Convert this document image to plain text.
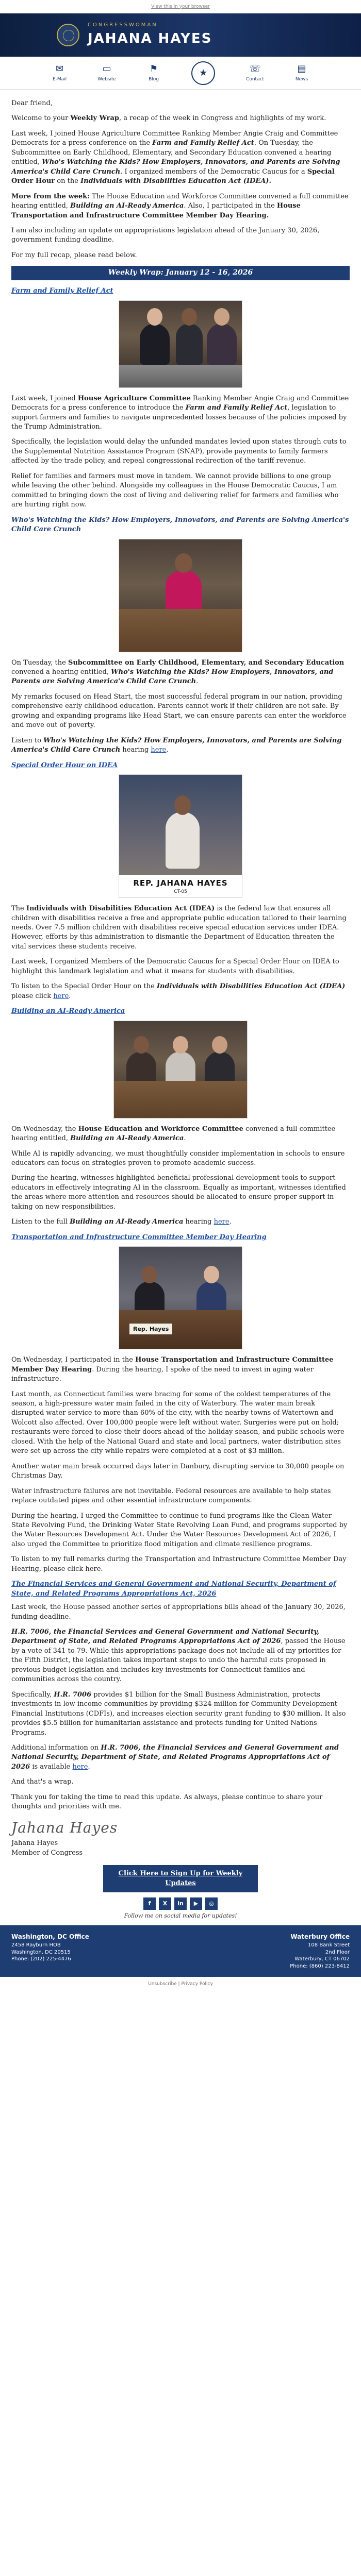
View this in your browser
CONGRESSWOMAN
JAHANA HAYES
✉
E-Mail
▭
Website
⚑
Blog
★	☏
Contact
▤
News

Dear friend,

Welcome to your Weekly Wrap, a recap of the week in Congress and highlights of my work.

Last week, I joined House Agriculture Committee Ranking Member Angie Craig and Committee Democrats for a press conference on the Farm and Family Relief Act. On Tuesday, the Subcommittee on Early Childhood, Elementary, and Secondary Education convened a hearing entitled, Who's Watching the Kids? How Employers, Innovators, and Parents are Solving America's Child Care Crunch. I organized members of the Democratic Caucus for a Special Order Hour on the Individuals with Disabilities Education Act (IDEA).

More from the week: The House Education and Workforce Committee convened a full committee hearing entitled, Building an AI-Ready America. Also, I participated in the House Transportation and Infrastructure Committee Member Day Hearing.

I am also including an update on appropriations legislation ahead of the January 30, 2026, government funding deadline.

For my full recap, please read below.

Weekly Wrap: January 12 - 16, 2026
Farm and Family Relief Act

Last week, I joined House Agriculture Committee Ranking Member Angie Craig and Committee Democrats for a press conference to introduce the Farm and Family Relief Act, legislation to support farmers and families to navigate unprecedented losses because of the policies imposed by the Trump Administration.

Specifically, the legislation would delay the unfunded mandates levied upon states through cuts to the Supplemental Nutrition Assistance Program (SNAP), provide payments to family farmers affected by the trade policy, and repeal congressional redirection of the tariff revenue.

Relief for families and farmers must move in tandem. We cannot provide billions to one group while leaving the other behind. Alongside my colleagues in the House Democratic Caucus, I am committed to bringing down the cost of living and delivering relief for farmers and families who are hurting right now.

Who's Watching the Kids? How Employers, Innovators, and Parents are Solving America's Child Care Crunch

On Tuesday, the Subcommittee on Early Childhood, Elementary, and Secondary Education convened a hearing entitled, Who's Watching the Kids? How Employers, Innovators, and Parents are Solving America's Child Care Crunch.

My remarks focused on Head Start, the most successful federal program in our nation, providing comprehensive early childhood education. Parents cannot work if their children are not safe. By growing and expanding programs like Head Start, we can ensure parents can enter the workforce and move out of poverty.

Listen to Who's Watching the Kids? How Employers, Innovators, and Parents are Solving America's Child Care Crunch hearing here.

Special Order Hour on IDEA
REP. JAHANA HAYES
CT-05

The Individuals with Disabilities Education Act (IDEA) is the federal law that ensures all children with disabilities receive a free and appropriate public education tailored to their learning needs. Over 7.5 million children with disabilities receive special education services under IDEA. However, efforts by this administration to dismantle the Department of Education threaten the vital services these students receive.

Last week, I organized Members of the Democratic Caucus for a Special Order Hour on IDEA to highlight this landmark legislation and what it means for students with disabilities.

To listen to the Special Order Hour on the Individuals with Disabilities Education Act (IDEA) please click here.

Building an AI-Ready America

On Wednesday, the House Education and Workforce Committee convened a full committee hearing entitled, Building an AI-Ready America.

While AI is rapidly advancing, we must thoughtfully consider implementation in schools to ensure educators can focus on strategies proven to promote academic success.

During the hearing, witnesses highlighted beneficial professional development tools to support educators in effectively integrating AI in the classroom. Equally as important, witnesses identified the areas where more attention and resources should be allocated to ensure proper support in taking on new responsibilities.

Listen to the full Building an AI-Ready America hearing here.

Transportation and Infrastructure Committee Member Day Hearing
Rep. Hayes

On Wednesday, I participated in the House Transportation and Infrastructure Committee Member Day Hearing. During the hearing, I spoke of the need to invest in aging water infrastructure.

Last month, as Connecticut families were bracing for some of the coldest temperatures of the season, a high-pressure water main failed in the city of Waterbury. The water main break disrupted water service to more than 60% of the city, with the nearby towns of Watertown and Wolcott also affected. Over 100,000 people were left without water. Surgeries were put on hold; restaurants were forced to close their doors ahead of the holiday season, and public schools were closed. With the help of the National Guard and state and local partners, water distribution sites were set up across the city while repairs were completed at a cost of $3 million.

Another water main break occurred days later in Danbury, disrupting service to 30,000 people on Christmas Day.

Water infrastructure failures are not inevitable. Federal resources are available to help states replace outdated pipes and other essential infrastructure components.

During the hearing, I urged the Committee to continue to fund programs like the Clean Water State Revolving Fund, the Drinking Water State Revolving Loan Fund, and programs supported by the Water Resources Development Act. Under the Water Resources Development Act of 2026, I also urged the Committee to prioritize flood mitigation and climate resilience programs.

To listen to my full remarks during the Transportation and Infrastructure Committee Member Day Hearing, please click here.

The Financial Services and General Government and National Security, Department of State, and Related Programs Appropriations Act, 2026

Last week, the House passed another series of appropriations bills ahead of the January 30, 2026, funding deadline.

H.R. 7006, the Financial Services and General Government and National Security, Department of State, and Related Programs Appropriations Act of 2026, passed the House by a vote of 341 to 79. While this appropriations package does not include all of my priorities for the Fifth District, the legislation takes important steps to undo the harmful cuts proposed in previous budget legislation and includes key investments for Connecticut families and communities across the country.

Specifically, H.R. 7006 provides $1 billion for the Small Business Administration, protects investments in low-income communities by providing $324 million for Community Development Financial Institutions (CDFIs), and increases election security grant funding to $30 million. It also provides $5.5 billion for humanitarian assistance and protects funding for United Nations Programs.

Additional information on H.R. 7006, the Financial Services and General Government and National Security, Department of State, and Related Programs Appropriations Act of 2026 is available here.

And that's a wrap.

Thank you for taking the time to read this update. As always, please continue to share your thoughts and priorities with me.

Jahana Hayes
Jahana Hayes
Member of Congress
Click Here to Sign Up for Weekly Updates
f	X	in	▶	◎
Follow me on social media for updates!
Washington, DC Office
2458 Rayburn HOB
Washington, DC 20515
Phone: (202) 225-4476
Waterbury Office
108 Bank Street
2nd Floor
Waterbury, CT 06702
Phone: (860) 223-8412
Unsubscribe | Privacy Policy
